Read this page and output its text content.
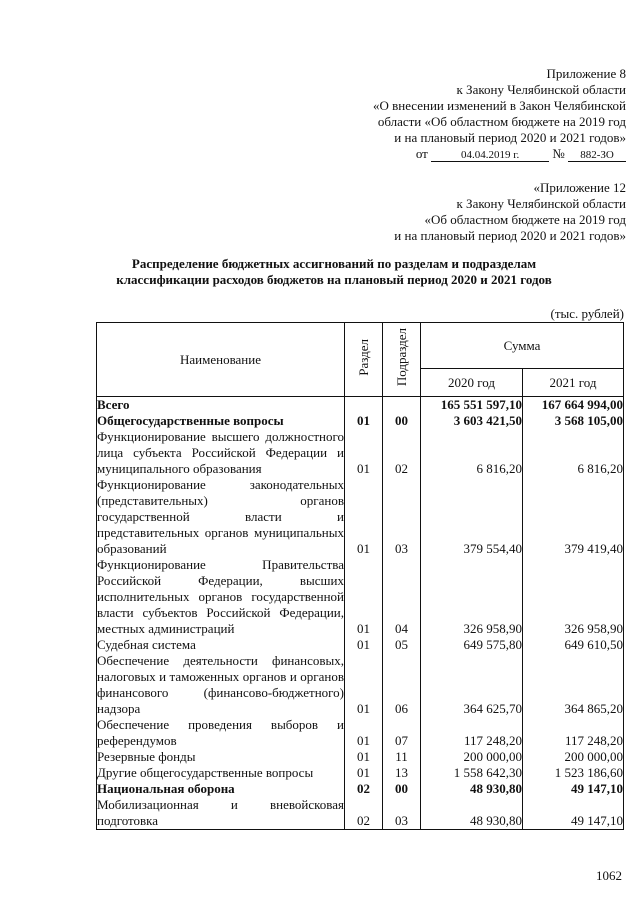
Приложение 8
к Закону Челябинской области
«О внесении изменений в Закон Челябинской
области «Об областном бюджете на 2019 год
и на плановый период 2020 и 2021 годов»
от	04.04.2019 г.	№ 882-ЗО
«Приложение 12
к Закону Челябинской области
«Об областном бюджете на 2019 год
и на плановый период 2020 и 2021 годов»
Распределение бюджетных ассигнований по разделам и подразделам
классификации расходов бюджетов на плановый период 2020 и 2021 годов
(тыс. рублей)
Наименование	Раздел	Подраздел	Сумма	
			2020 год	2021 год
Всего			165 551 597,10	167 664 994,00
Общегосударственные вопросы	01	00	3 603 421,50	3 568 105,00
Функционирование высшего должностного лица субъекта Российской Федерации и муниципального образования	01	02	6 816,20	6 816,20
Функционирование законодательных (представительных) органов государственной власти и представительных органов муниципальных образований	01	03	379 554,40	379 419,40
Функционирование Правительства Российской Федерации, высших исполнительных органов государственной власти субъектов Российской Федерации, местных администраций	01	04	326 958,90	326 958,90
Судебная система	01	05	649 575,80	649 610,50
Обеспечение деятельности финансовых, налоговых и таможенных органов и органов финансового (финансово-бюджетного) надзора	01	06	364 625,70	364 865,20
Обеспечение проведения выборов и референдумов	01	07	117 248,20	117 248,20
Резервные фонды	01	11	200 000,00	200 000,00
Другие общегосударственные вопросы	01	13	1 558 642,30	1 523 186,60
Национальная оборона	02	00	48 930,80	49 147,10
Мобилизационная и вневойсковая подготовка	02	03	48 930,80	49 147,10
1062
